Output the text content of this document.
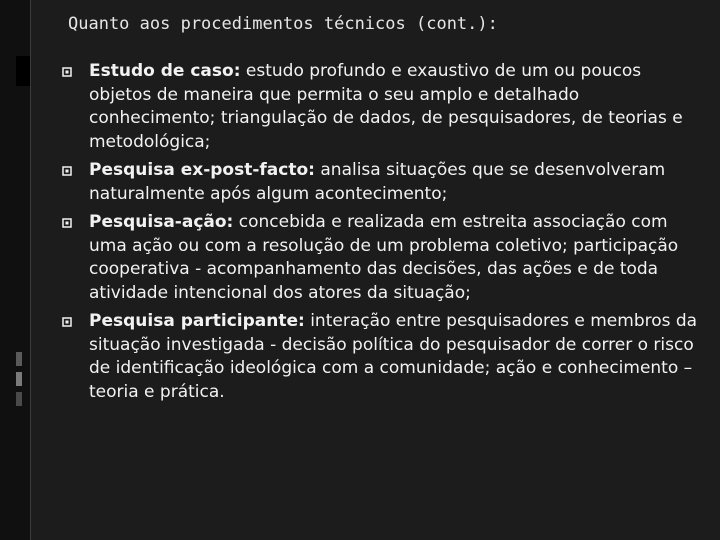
Quanto aos procedimentos técnicos (cont.):
Estudo de caso: estudo profundo e exaustivo de um ou poucos objetos de maneira que permita o seu amplo e detalhado conhecimento; triangulação de dados, de pesquisadores, de teorias e metodológica;
Pesquisa ex-post-facto: analisa situações que se desenvolveram naturalmente após algum acontecimento;
Pesquisa-ação: concebida e realizada em estreita associação com uma ação ou com a resolução de um problema coletivo; participação cooperativa - acompanhamento das decisões, das ações e de toda atividade intencional dos atores da situação;
Pesquisa participante: interação entre pesquisadores e membros da situação investigada - decisão política do pesquisador de correr o risco de identificação ideológica com a comunidade; ação e conhecimento – teoria e prática.
